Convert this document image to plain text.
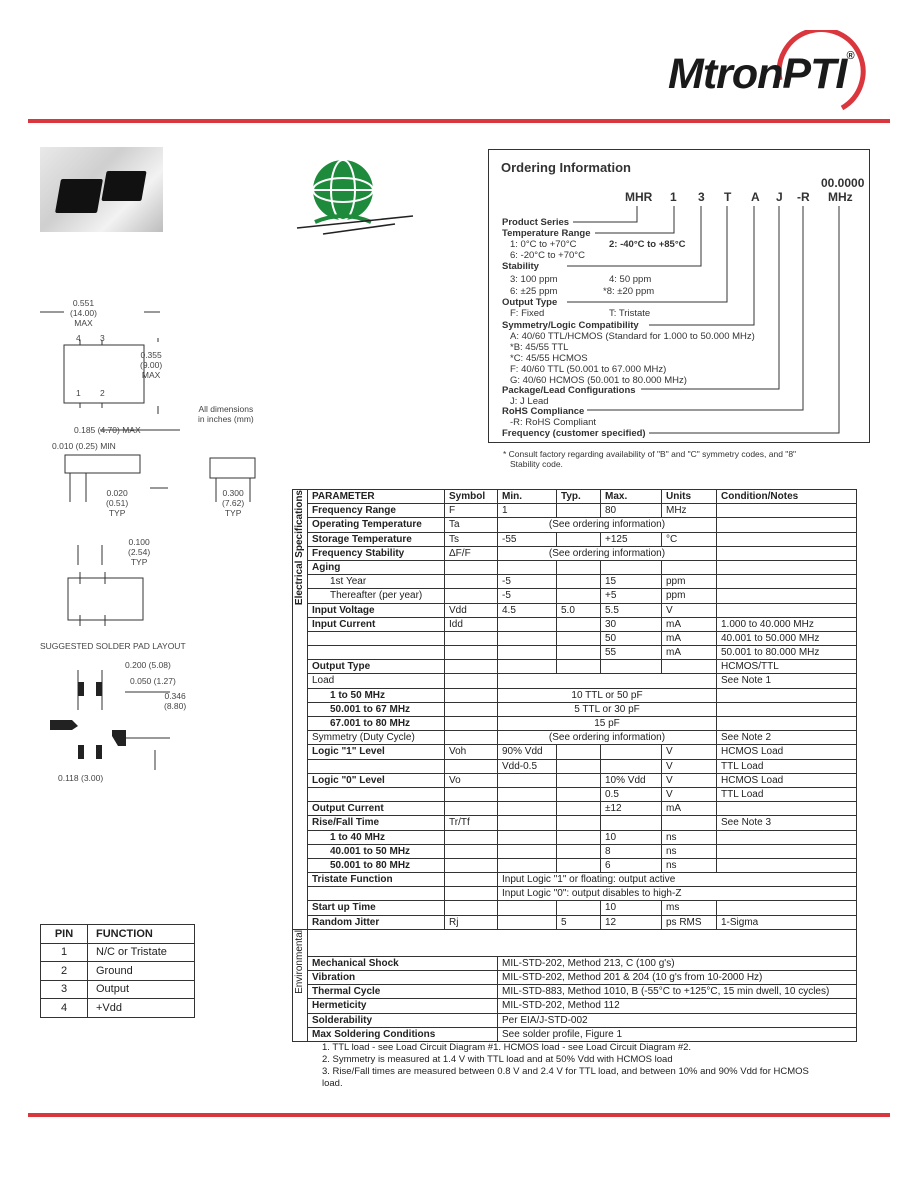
MtronPTI®
Ordering Information
00.0000
MHR 1 3 T A J -R MHz
Product Series
Temperature Range
1: 0°C to +70°C	2: -40°C to +85°C
6: -20°C to +70°C
Stability
3: 100 ppm	4: 50 ppm
6: ±25 ppm	*8: ±20 ppm
Output Type
F: Fixed	T: Tristate
Symmetry/Logic Compatibility
A: 40/60 TTL/HCMOS (Standard for 1.000 to 50.000 MHz)
*B: 45/55 TTL
*C: 45/55 HCMOS
F: 40/60 TTL (50.001 to 67.000 MHz)
G: 40/60 HCMOS (50.001 to 80.000 MHz)
Package/Lead Configurations
J: J Lead
RoHS Compliance
-R: RoHS Compliant
Frequency (customer specified)
* Consult factory regarding availability of "B" and "C" symmetry codes, and "8"
Stability code.
0.551
(14.00)
MAX
0.355
(9.00)
MAX
4 3
1 2
All dimensions
in inches (mm)
0.185 (4.70) MAX
0.010 (0.25) MIN
0.020
(0.51)
TYP
0.300
(7.62)
TYP
0.100
(2.54)
TYP
SUGGESTED SOLDER PAD LAYOUT
0.200 (5.08)
0.050 (1.27)
0.346
(8.80)
0.118 (3.00)
PIN	FUNCTION
1	N/C or Tristate
2	Ground
3	Output
4	+Vdd
Electrical Specifications	PARAMETER	Symbol	Min.	Typ.	Max.	Units	Condition/Notes
	Frequency Range	F	1		80	MHz	
	Operating Temperature	Ta	(See ordering information)				
	Storage Temperature	Ts	-55		+125	°C	
	Frequency Stability	ΔF/F	(See ordering information)				
	Aging						
	1st Year		-5		15	ppm	
	Thereafter (per year)		-5		+5	ppm	
	Input Voltage	Vdd	4.5	5.0	5.5	V	
	Input Current	Idd			30	mA	1.000 to 40.000 MHz
					50	mA	40.001 to 50.000 MHz
					55	mA	50.001 to 80.000 MHz
	Output Type						HCMOS/TTL
	Load						See Note 1
	1 to 50 MHz		10 TTL or 50 pF				
	50.001 to 67 MHz		5 TTL or 30 pF				
	67.001 to 80 MHz		15 pF				
	Symmetry (Duty Cycle)		(See ordering information)				See Note 2
	Logic "1" Level	Voh	90% Vdd			V	HCMOS Load
			Vdd-0.5			V	TTL Load
	Logic "0" Level	Vo			10% Vdd	V	HCMOS Load
					0.5	V	TTL Load
	Output Current				±12	mA	
	Rise/Fall Time	Tr/Tf					See Note 3
	1 to 40 MHz				10	ns	
	40.001 to 50 MHz				8	ns	
	50.001 to 80 MHz				6	ns	
	Tristate Function		Input Logic "1" or floating: output active				
			Input Logic "0": output disables to high-Z				
	Start up Time				10	ms	
	Random Jitter	Rj		5	12	ps RMS	1-Sigma

Environmental							

	Mechanical Shock		MIL-STD-202, Method 213, C (100 g's)				
	Vibration		MIL-STD-202, Method 201 & 204 (10 g's from 10-2000 Hz)				
	Thermal Cycle		MIL-STD-883, Method 1010, B (-55°C to +125°C, 15 min dwell, 10 cycles)				
	Hermeticity		MIL-STD-202, Method 112				
	Solderability		Per EIA/J-STD-002				
	Max Soldering Conditions		See solder profile, Figure 1				
1. TTL load - see Load Circuit Diagram #1. HCMOS load - see Load Circuit Diagram #2.
2. Symmetry is measured at 1.4 V with TTL load and at 50% Vdd with HCMOS load
3. Rise/Fall times are measured between 0.8 V and 2.4 V for TTL load, and between 10% and 90% Vdd for HCMOS
load.
